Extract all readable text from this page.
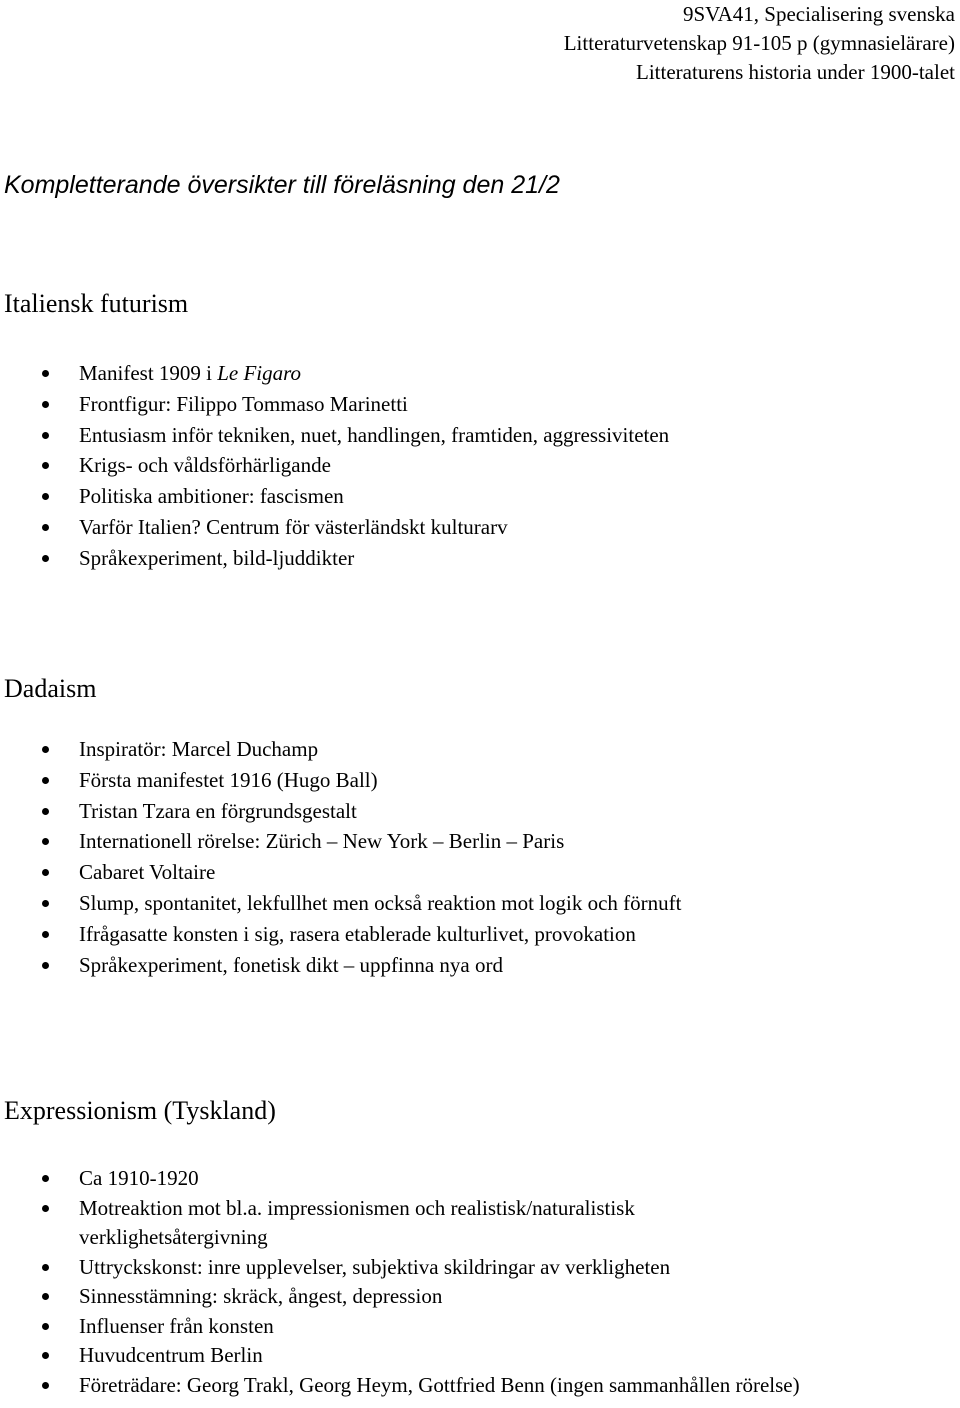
9SVA41, Specialisering svenska
Litteraturvetenskap 91-105 p (gymnasielärare)
Litteraturens historia under 1900-talet
Kompletterande översikter till föreläsning den 21/2
Italiensk futurism
Manifest 1909 i Le Figaro
Frontfigur: Filippo Tommaso Marinetti
Entusiasm inför tekniken, nuet, handlingen, framtiden, aggressiviteten
Krigs- och våldsförhärligande
Politiska ambitioner: fascismen
Varför Italien? Centrum för västerländskt kulturarv
Språkexperiment, bild-ljuddikter
Dadaism
Inspiratör: Marcel Duchamp
Första manifestet 1916 (Hugo Ball)
Tristan Tzara en förgrundsgestalt
Internationell rörelse: Zürich – New York – Berlin – Paris
Cabaret Voltaire
Slump, spontanitet, lekfullhet men också reaktion mot logik och förnuft
Ifrågasatte konsten i sig, rasera etablerade kulturlivet, provokation
Språkexperiment, fonetisk dikt – uppfinna nya ord
Expressionism (Tyskland)
Ca 1910-1920
Motreaktion mot bl.a. impressionismen och realistisk/naturalistisk verklighetsåtergivning
Uttryckskonst: inre upplevelser, subjektiva skildringar av verkligheten
Sinnesstämning: skräck, ångest, depression
Influenser från konsten
Huvudcentrum Berlin
Företrädare: Georg Trakl, Georg Heym, Gottfried Benn (ingen sammanhållen rörelse)
